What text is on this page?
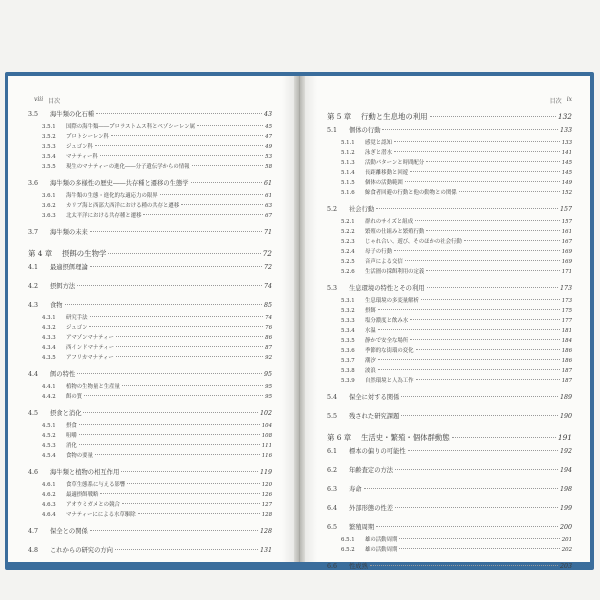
viii 目次
3.5	海牛類の化石種	43
3.5.1	国際の海牛類――プロラストムス科とペゾシーレン属	45
3.5.2	プロトシーレン科	47
3.5.3	ジュゴン科	49
3.5.4	マナティー科	53
3.5.5	現生のマナティーの進化――分子遺伝学からの情報	58
3.6	海牛類の多様性の歴史――共存種と遷移の生態学	61
3.6.1	海牛類の生態・進化的な適応力の限界	61
3.6.2	カリブ海と西部大西洋における種の共存と遷移	63
3.6.3	北太平洋における共存種と遷移	67
3.7	海牛類の未来	71
第 4 章	摂餌の生物学	72
4.1	最適摂餌理論	72
4.2	摂餌方法	74
4.3	食物	85
4.3.1	研究手法	74
4.3.2	ジュゴン	76
4.3.3	アマゾンマナティー	86
4.3.4	西インドマナティー	87
4.3.5	アフリカマナティー	92
4.4	餌の特性	95
4.4.1	植物の生物量と生産量	95
4.4.2	餌の質	95
4.5	摂食と消化	102
4.5.1	摂食	104
4.5.2	咀嚼	108
4.5.3	消化	111
4.5.4	食物の要量	116
4.6	海牛類と植物の相互作用	119
4.6.1	食草生態系に与える影響	120
4.6.2	最適摂餌戦略	126
4.6.3	アオウミガメとの競合	127
4.6.4	マナティーにによる水草駆除	128
4.7	保全との関係	128
4.8	これからの研究の方向	131
目次 ix
第 5 章	行動と生息地の利用	132
5.1	個体の行動	133
5.1.1	感覚と認知	133
5.1.2	泳ぎと潜水	141
5.1.3	活動パターンと時間配分	145
5.1.4	長距離移動と回遊	145
5.1.5	個体の活動範囲	149
5.1.6	鯨食者回避の行動と他の動物との関係	152
5.2	社会行動	157
5.2.1	群れのサイズと組成	157
5.2.2	繁殖の仕組みと繁殖行動	161
5.2.3	じゃれ合い、遊び、そのほかの社会行動	167
5.2.4	母子の行動	169
5.2.5	音声による交信	169
5.2.6	生活圏の採餌利用の定義	171
5.3	生息環境の特性とその利用	173
5.3.1	生息環境の多変量解析	173
5.3.2	摂餌	175
5.3.3	塩分濃度と飲み水	177
5.3.4	水温	181
5.3.5	静かで安全な場所	184
5.3.6	季節的な街環の変化	186
5.3.7	潮汐	186
5.3.8	波浪	187
5.3.9	自然環境と人為工作	187
5.4	保全に対する関係	189
5.5	残された研究課題	190
第 6 章	生活史・繁殖・個体群動態	191
6.1	標本の偏りの可能性	192
6.2	年齢査定の方法	194
6.3	寿命	198
6.4	外部形態の性差	199
6.5	繁殖周期	200
6.5.1	雄の活動周期	201
6.5.2	雄の活動周期	202
6.6	性成熟	203
